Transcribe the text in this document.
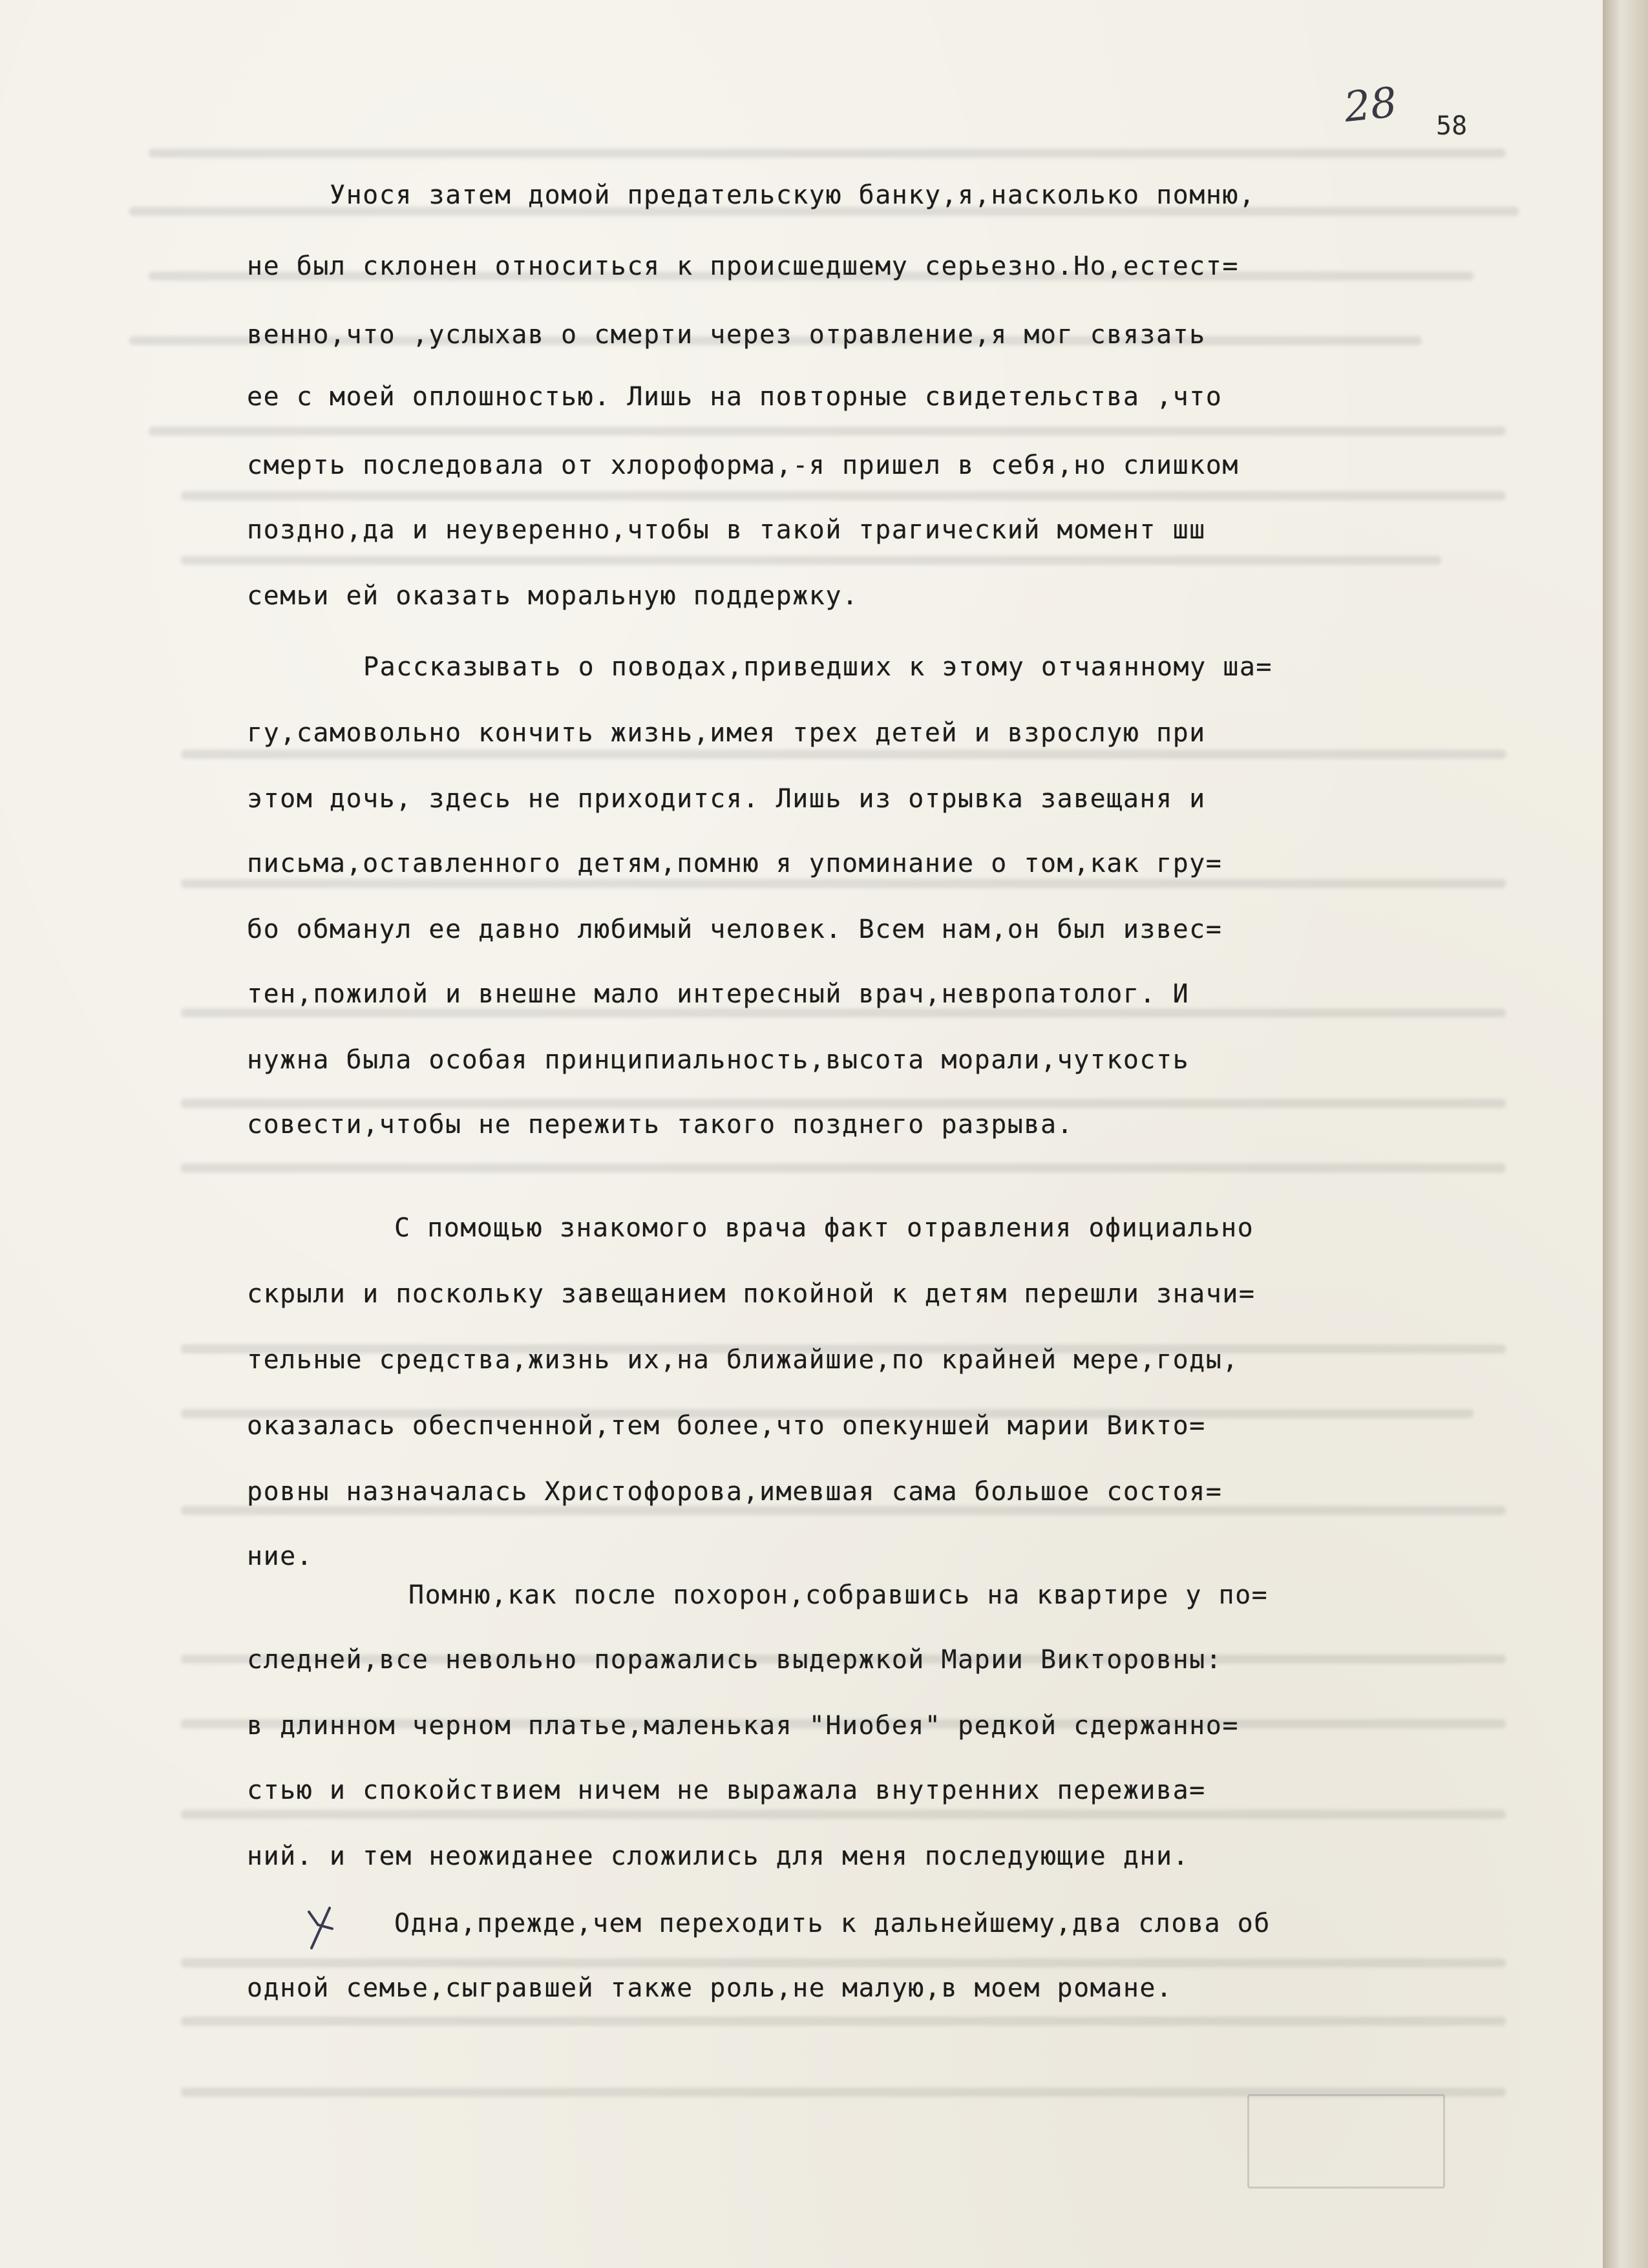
28 58
Унося затем домой предательскую банку,я,насколько помню,
не был склонен относиться к происшедшему серьезно.Но,естест=
венно,что ,услыхав о смерти через отравление,я мог связать
ее с моей оплошностью. Лишь на повторные свидетельства ,что
смерть последовала от хлороформа,-я пришел в себя,но слишком
поздно,да и неуверенно,чтобы в такой трагический момент шш
семьи ей оказать моральную поддержку.
Рассказывать о поводах,приведших к этому отчаянному ша=
гу,самовольно кончить жизнь,имея трех детей и взрослую при
этом дочь, здесь не приходится. Лишь из отрывка завещаня и
письма,оставленного детям,помню я упоминание о том,как гру=
бо обманул ее давно любимый человек. Всем нам,он был извес=
тен,пожилой и внешне мало интересный врач,невропатолог. И
нужна была особая принципиальность,высота морали,чуткость
совести,чтобы не пережить такого позднего разрыва.
С помощью знакомого врача факт отравления официально
скрыли и поскольку завещанием покойной к детям перешли значи=
тельные средства,жизнь их,на ближайшие,по крайней мере,годы,
оказалась обеспченной,тем более,что опекуншей марии Викто=
ровны назначалась Христофорова,имевшая сама большое состоя=
ние.
Помню,как после похорон,собравшись на квартире у по=
следней,все невольно поражались выдержкой Марии Викторовны:
в длинном черном платье,маленькая "Ниобея" редкой сдержанно=
стью и спокойствием ничем не выражала внутренних пережива=
ний. и тем неожиданее сложились для меня последующие дни.
Одна,прежде,чем переходить к дальнейшему,два слова об
одной семье,сыгравшей также роль,не малую,в моем романе.
